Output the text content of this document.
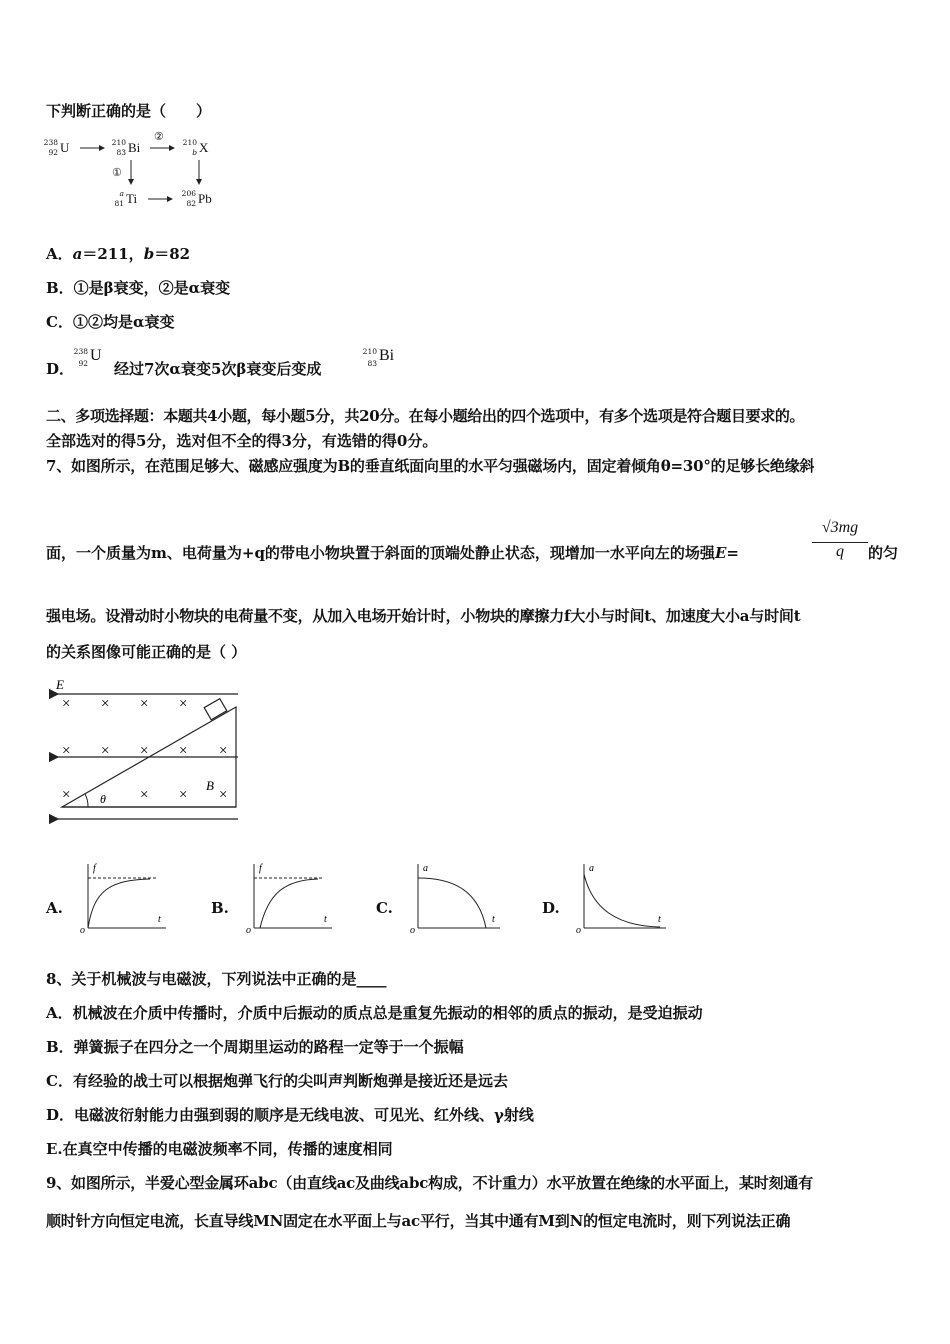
下判断正确的是（　　）
238
92 U	210
83 Bi	210
b X
a
81 Ti	206
82 Pb
②
①
A．a＝211，b＝82
B．①是β衰变，②是α衰变
C．①②均是α衰变
D．
238
92 U
经过7次α衰变5次β衰变后变成
210
83 Bi
二、多项选择题：本题共4小题，每小题5分，共20分。在每小题给出的四个选项中，有多个选项是符合题目要求的。
全部选对的得5分，选对但不全的得3分，有选错的得0分。
7、如图所示，在范围足够大、磁感应强度为B的垂直纸面向里的水平匀强磁场内，固定着倾角θ=30°的足够长绝缘斜
面，一个质量为m、电荷量为+q的带电小物块置于斜面的顶端处静止状态，现增加一水平向左的场强E=
√3mg
q	的匀
强电场。设滑动时小物块的电荷量不变，从加入电场开始计时，小物块的摩擦力f大小与时间t、加速度大小a与时间t
的关系图像可能正确的是（ ）
E
θ
B
× × × ×
× × × × ×
×	× × ×
A.
f
t
o
B.
f
t
o
C.
a
t
o
D.
a
t
o
8、关于机械波与电磁波，下列说法中正确的是____
A．机械波在介质中传播时，介质中后振动的质点总是重复先振动的相邻的质点的振动，是受迫振动
B．弹簧振子在四分之一个周期里运动的路程一定等于一个振幅
C．有经验的战士可以根据炮弹飞行的尖叫声判断炮弹是接近还是远去
D．电磁波衍射能力由强到弱的顺序是无线电波、可见光、红外线、γ射线
E.在真空中传播的电磁波频率不同，传播的速度相同
9、如图所示，半爱心型金属环abc（由直线ac及曲线abc构成，不计重力）水平放置在绝缘的水平面上，某时刻通有
顺时针方向恒定电流，长直导线MN固定在水平面上与ac平行，当其中通有M到N的恒定电流时，则下列说法正确
